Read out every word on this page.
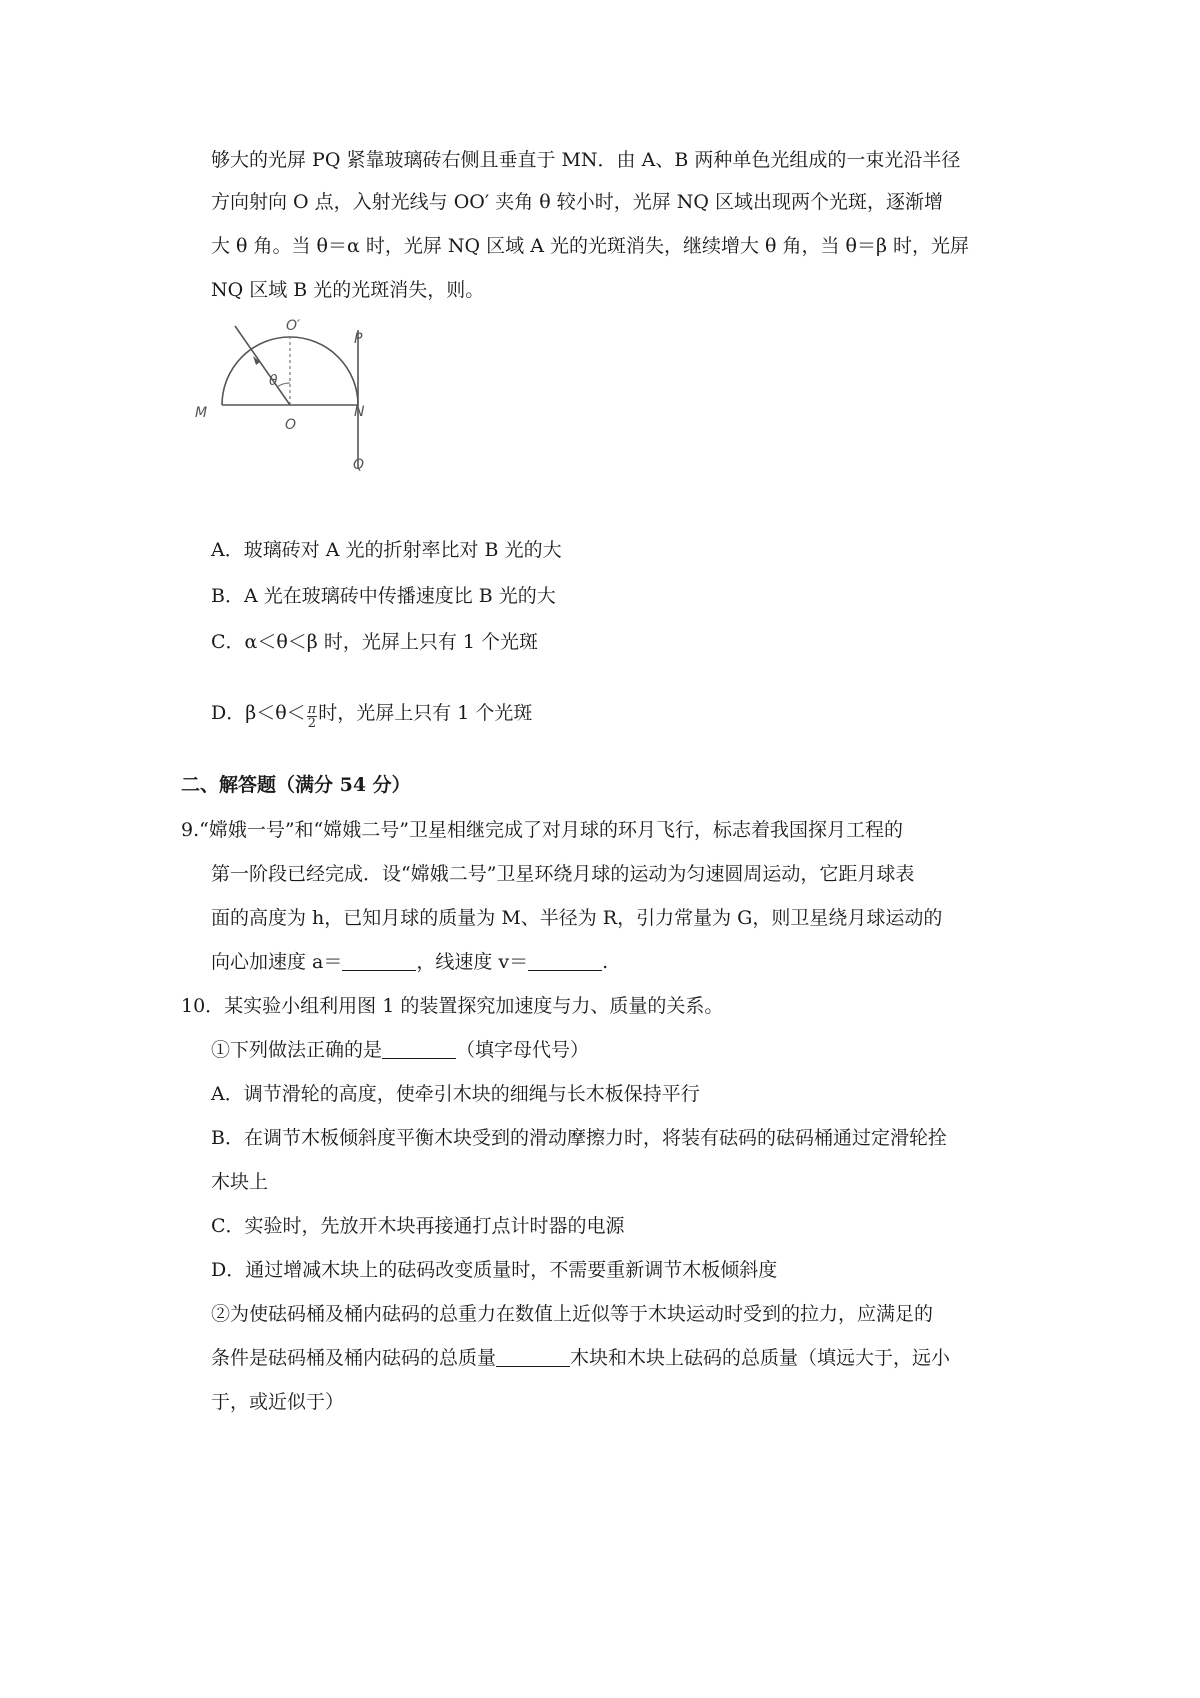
够大的光屏 PQ 紧靠玻璃砖右侧且垂直于 MN．由 A、B 两种单色光组成的一束光沿半径
方向射向 O 点，入射光线与 OO′ 夹角 θ 较小时，光屏 NQ 区域出现两个光斑，逐渐增
大 θ 角。当 θ＝α 时，光屏 NQ 区域 A 光的光斑消失，继续增大 θ 角，当 θ＝β 时，光屏
NQ 区域 B 光的光斑消失，则。
O′
P
θ
M
O
N
Q
A．玻璃砖对 A 光的折射率比对 B 光的大
B．A 光在玻璃砖中传播速度比 B 光的大
C．α＜θ＜β 时，光屏上只有 1 个光斑
D．$\beta<\theta< \frac{\pi}{2}$ 时，光屏上只有 1 个光斑
二、解答题（满分 54 分）
9.“嫦娥一号”和“嫦娥二号”卫星相继完成了对月球的环月飞行，标志着我国探月工程的
第一阶段已经完成．设“嫦娥二号”卫星环绕月球的运动为匀速圆周运动，它距月球表
面的高度为 h，已知月球的质量为 M、半径为 R，引力常量为 G，则卫星绕月球运动的
向心加速度 a＝	，线速度 v＝	.
10．某实验小组利用图 1 的装置探究加速度与力、质量的关系。
①下列做法正确的是	（填字母代号）
A．调节滑轮的高度，使牵引木块的细绳与长木板保持平行
B．在调节木板倾斜度平衡木块受到的滑动摩擦力时，将装有砝码的砝码桶通过定滑轮拴
木块上
C．实验时，先放开木块再接通打点计时器的电源
D．通过增减木块上的砝码改变质量时，不需要重新调节木板倾斜度
②为使砝码桶及桶内砝码的总重力在数值上近似等于木块运动时受到的拉力，应满足的
条件是砝码桶及桶内砝码的总质量	木块和木块上砝码的总质量（填远大于，远小
于，或近似于）
